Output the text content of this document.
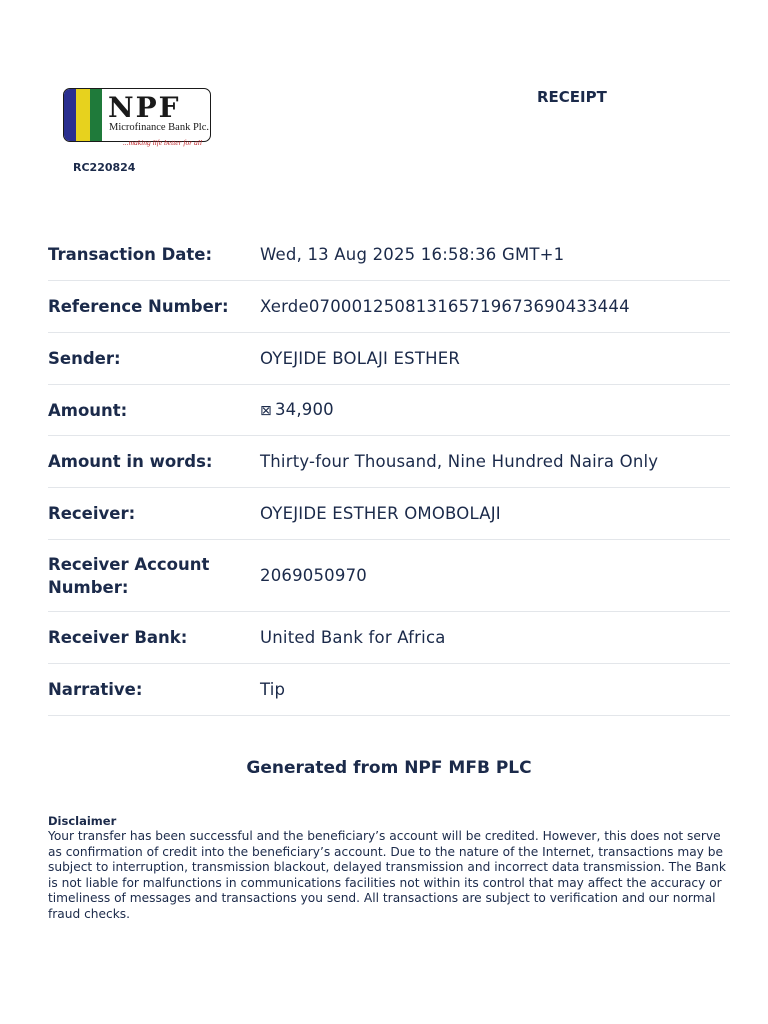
NPF
Microfinance Bank Plc.
...making life better for all
RC220824
RECEIPT
Transaction Date:	Wed, 13 Aug 2025 16:58:36 GMT+1
Reference Number:	Xerde070001250813165719673690433444
Sender:	OYEJIDE BOLAJI ESTHER
Amount:	⊠ 34,900
Amount in words:	Thirty-four Thousand, Nine Hundred Naira Only
Receiver:	OYEJIDE ESTHER OMOBOLAJI
Receiver Account Number:
2069050970
Receiver Bank:	United Bank for Africa
Narrative:	Tip
Generated from NPF MFB PLC
Disclaimer
Your transfer has been successful and the beneficiary’s account will be credited. However, this does not serve as confirmation of credit into the beneficiary’s account. Due to the nature of the Internet, transactions may be subject to interruption, transmission blackout, delayed transmission and incorrect data transmission. The Bank is not liable for malfunctions in communications facilities not within its control that may affect the accuracy or timeliness of messages and transactions you send. All transactions are subject to verification and our normal fraud checks.
